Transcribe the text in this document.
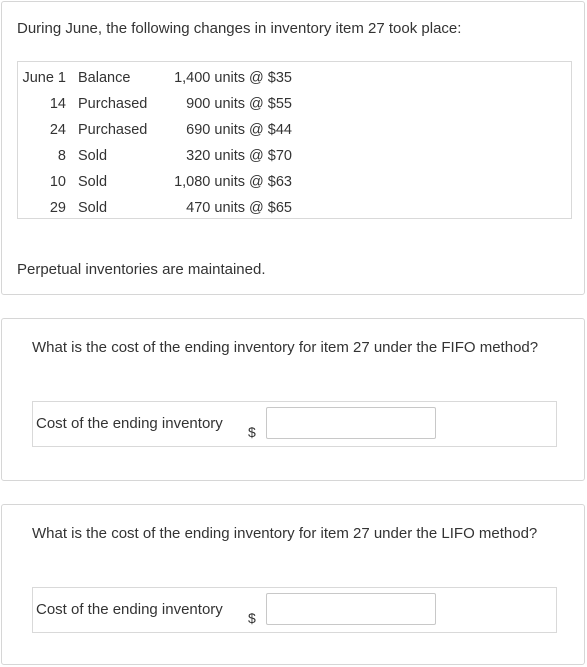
During June, the following changes in inventory item 27 took place:
June 1	Balance	1,400 units @ $35
14	Purchased	900 units @ $55
24	Purchased	690 units @ $44
8	Sold	320 units @ $70
10	Sold	1,080 units @ $63
29	Sold	470 units @ $65
Perpetual inventories are maintained.
What is the cost of the ending inventory for item 27 under the FIFO method?
Cost of the ending inventory $
What is the cost of the ending inventory for item 27 under the LIFO method?
Cost of the ending inventory $
